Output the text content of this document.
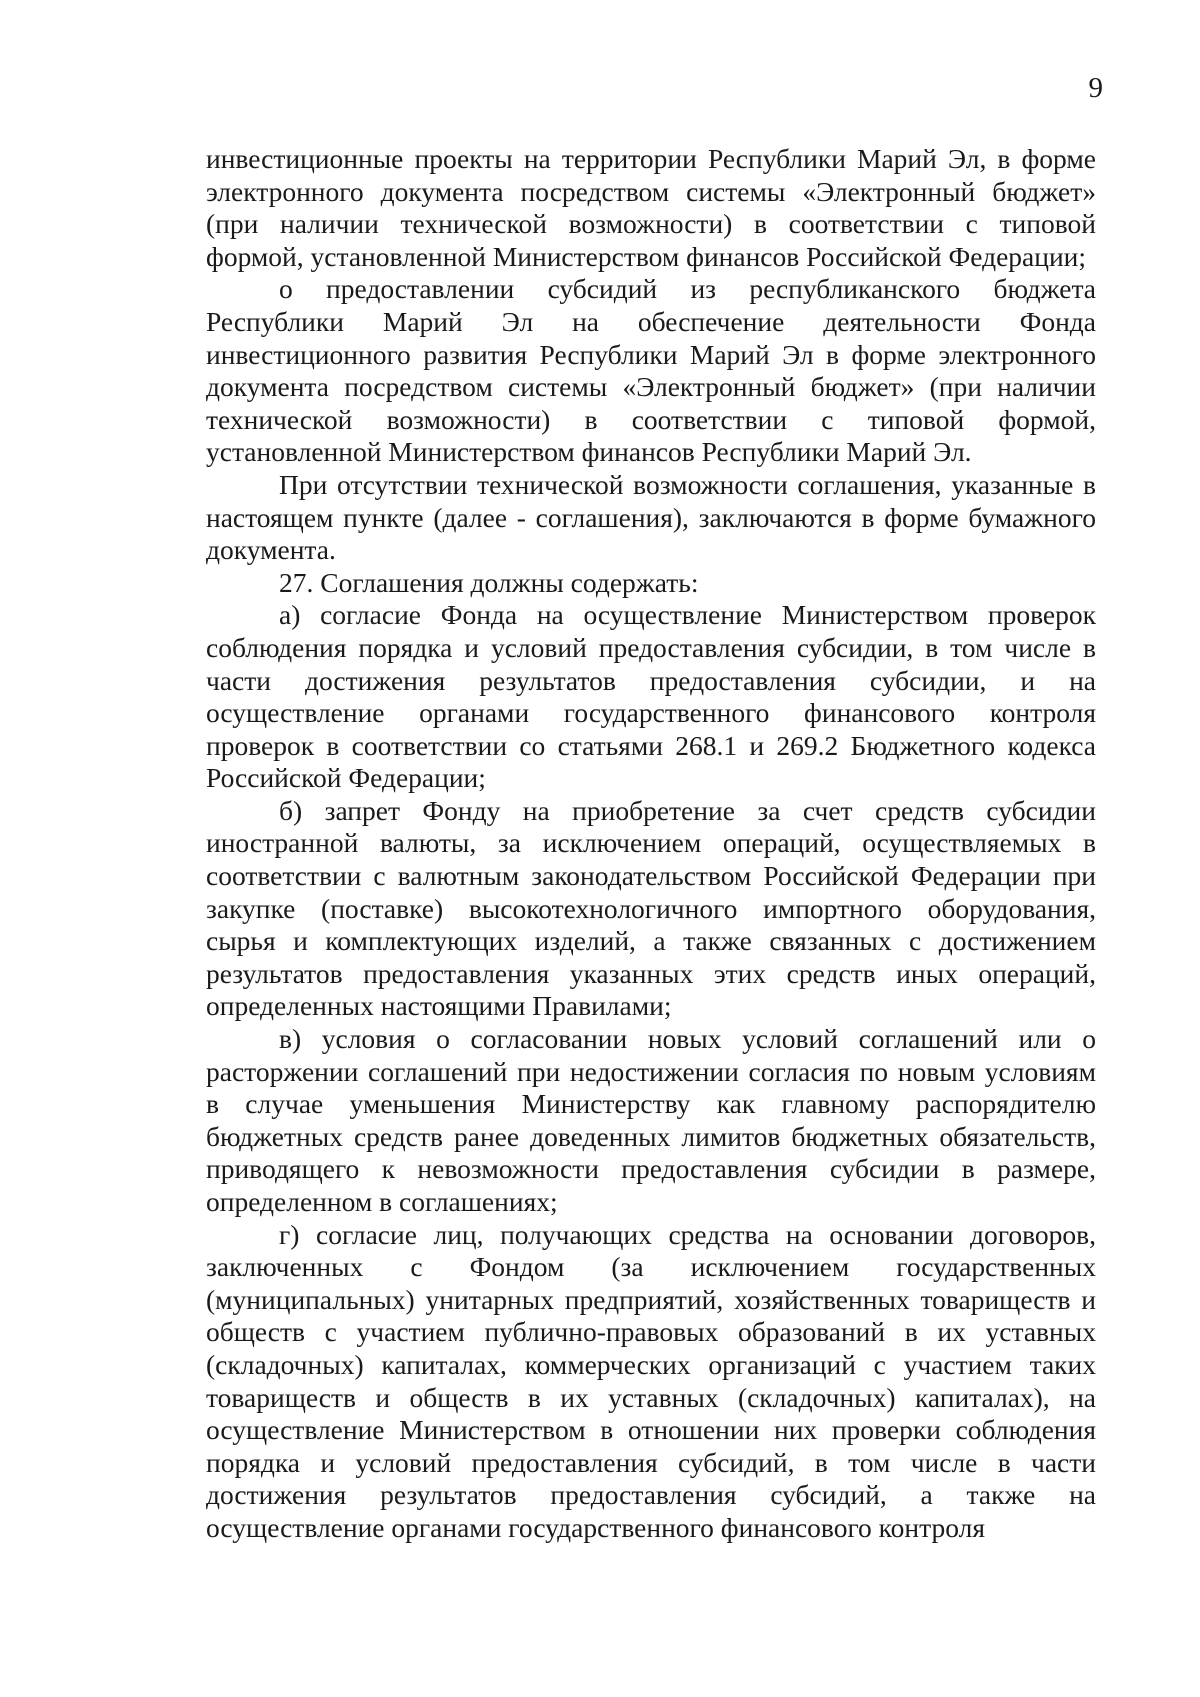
9

инвестиционные проекты на территории Республики Марий Эл, в форме электронного документа посредством системы «Электронный бюджет» (при наличии технической возможности) в соответствии с типовой формой, установленной Министерством финансов Российской Федерации;

о предоставлении субсидий из республиканского бюджета Республики Марий Эл на обеспечение деятельности Фонда инвестиционного развития Республики Марий Эл в форме электронного документа посредством системы «Электронный бюджет» (при наличии технической возможности) в соответствии с типовой формой, установленной Министерством финансов Республики Марий Эл.

При отсутствии технической возможности соглашения, указанные в настоящем пункте (далее - соглашения), заключаются в форме бумажного документа.

27. Соглашения должны содержать:

а) согласие Фонда на осуществление Министерством проверок соблюдения порядка и условий предоставления субсидии, в том числе в части достижения результатов предоставления субсидии, и на осуществление органами государственного финансового контроля проверок в соответствии со статьями 268.1 и 269.2 Бюджетного кодекса Российской Федерации;

б) запрет Фонду на приобретение за счет средств субсидии иностранной валюты, за исключением операций, осуществляемых в соответствии с валютным законодательством Российской Федерации при закупке (поставке) высокотехнологичного импортного оборудования, сырья и комплектующих изделий, а также связанных с достижением результатов предоставления указанных этих средств иных операций, определенных настоящими Правилами;

в) условия о согласовании новых условий соглашений или о расторжении соглашений при недостижении согласия по новым условиям в случае уменьшения Министерству как главному распорядителю бюджетных средств ранее доведенных лимитов бюджетных обязательств, приводящего к невозможности предоставления субсидии в размере, определенном в соглашениях;

г) согласие лиц, получающих средства на основании договоров, заключенных с Фондом (за исключением государственных (муниципальных) унитарных предприятий, хозяйственных товариществ и обществ с участием публично-правовых образований в их уставных (складочных) капиталах, коммерческих организаций с участием таких товариществ и обществ в их уставных (складочных) капиталах), на осуществление Министерством в отношении них проверки соблюдения порядка и условий предоставления субсидий, в том числе в части достижения результатов предоставления субсидий, а также на осуществление органами государственного финансового контроля
